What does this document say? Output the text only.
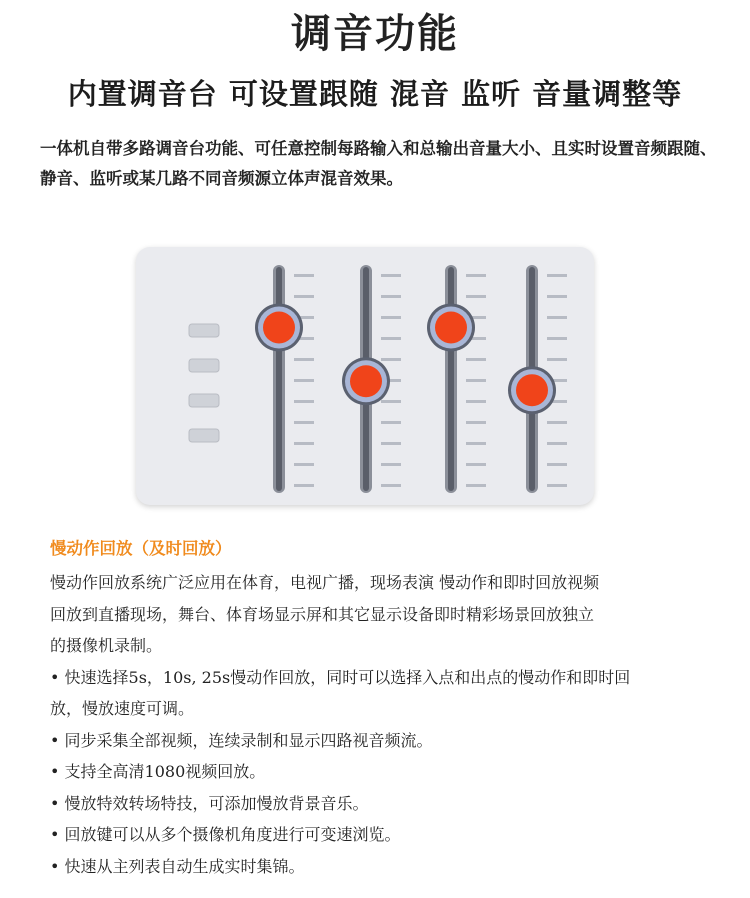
调音功能
内置调音台 可设置跟随 混音 监听 音量调整等
一体机自带多路调音台功能、可任意控制每路输入和总输出音量大小、且实时设置音频跟随、静音、监听或某几路不同音频源立体声混音效果。
慢动作回放（及时回放）
慢动作回放系统广泛应用在体育，电视广播，现场表演 慢动作和即时回放视频
回放到直播现场，舞台、体育场显示屏和其它显示设备即时精彩场景回放独立
的摄像机录制。
• 快速选择5s，10s, 25s慢动作回放，同时可以选择入点和出点的慢动作和即时回
放，慢放速度可调。
• 同步采集全部视频，连续录制和显示四路视音频流。
• 支持全高清1080视频回放。
• 慢放特效转场特技，可添加慢放背景音乐。
• 回放键可以从多个摄像机角度进行可变速浏览。
• 快速从主列表自动生成实时集锦。
